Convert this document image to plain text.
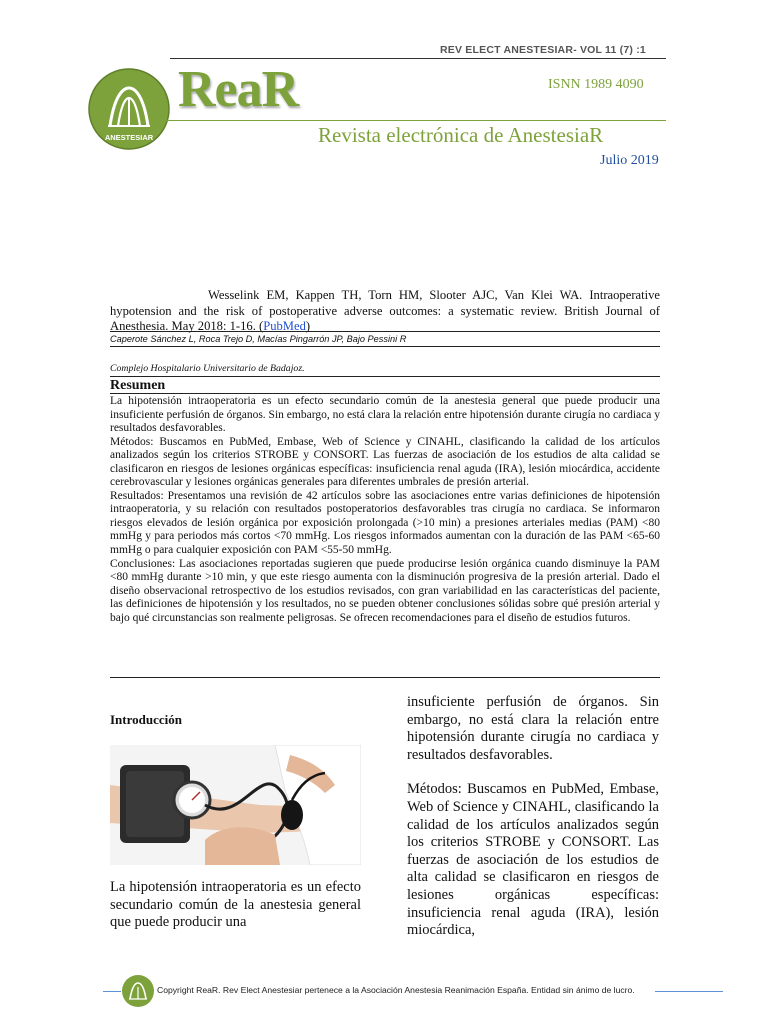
REV ELECT ANESTESIAR- VOL 11 (7) :1
ANESTESIAR
ReaR	ISNN 1989 4090
Revista electrónica de AnestesiaR
Julio 2019
Wesselink EM, Kappen TH, Torn HM, Slooter AJC, Van Klei WA. Intraoperative hypotension and the risk of postoperative adverse outcomes: a systematic review. British Journal of Anesthesia. May 2018: 1-16. (PubMed)
Caperote Sánchez L, Roca Trejo D, Macías Pingarrón JP, Bajo Pessini R
Complejo Hospitalario Universitario de Badajoz.
Resumen

La hipotensión intraoperatoria es un efecto secundario común de la anestesia general que puede producir una insuficiente perfusión de órganos. Sin embargo, no está clara la relación entre hipotensión durante cirugía no cardiaca y resultados desfavorables.

Métodos: Buscamos en PubMed, Embase, Web of Science y CINAHL, clasificando la calidad de los artículos analizados según los criterios STROBE y CONSORT. Las fuerzas de asociación de los estudios de alta calidad se clasificaron en riesgos de lesiones orgánicas específicas: insuficiencia renal aguda (IRA), lesión miocárdica, accidente cerebrovascular y lesiones orgánicas generales para diferentes umbrales de presión arterial.

Resultados: Presentamos una revisión de 42 artículos sobre las asociaciones entre varias definiciones de hipotensión intraoperatoria, y su relación con resultados postoperatorios desfavorables tras cirugía no cardiaca. Se informaron riesgos elevados de lesión orgánica por exposición prolongada (>10 min) a presiones arteriales medias (PAM) <80 mmHg y para periodos más cortos <70 mmHg. Los riesgos informados aumentan con la duración de las PAM <65-60 mmHg o para cualquier exposición con PAM <55-50 mmHg.

Conclusiones: Las asociaciones reportadas sugieren que puede producirse lesión orgánica cuando disminuye la PAM <80 mmHg durante >10 min, y que este riesgo aumenta con la disminución progresiva de la presión arterial. Dado el diseño observacional retrospectivo de los estudios revisados, con gran variabilidad en las características del paciente, las definiciones de hipotensión y los resultados, no se pueden obtener conclusiones sólidas sobre qué presión arterial y bajo qué circunstancias son realmente peligrosas. Se ofrecen recomendaciones para el diseño de estudios futuros.

Introducción

La hipotensión intraoperatoria es un efecto secundario común de la anestesia general que puede producir una

insuficiente perfusión de órganos. Sin embargo, no está clara la relación entre hipotensión durante cirugía no cardiaca y resultados desfavorables.

Métodos: Buscamos en PubMed, Embase, Web of Science y CINAHL, clasificando la calidad de los artículos analizados según los criterios STROBE y CONSORT. Las fuerzas de asociación de los estudios de alta calidad se clasificaron en riesgos de lesiones orgánicas específicas: insuficiencia renal aguda (IRA), lesión miocárdica,

Copyright ReaR. Rev Elect Anestesiar pertenece a la Asociación Anestesia Reanimación España. Entidad sin ánimo de lucro.
